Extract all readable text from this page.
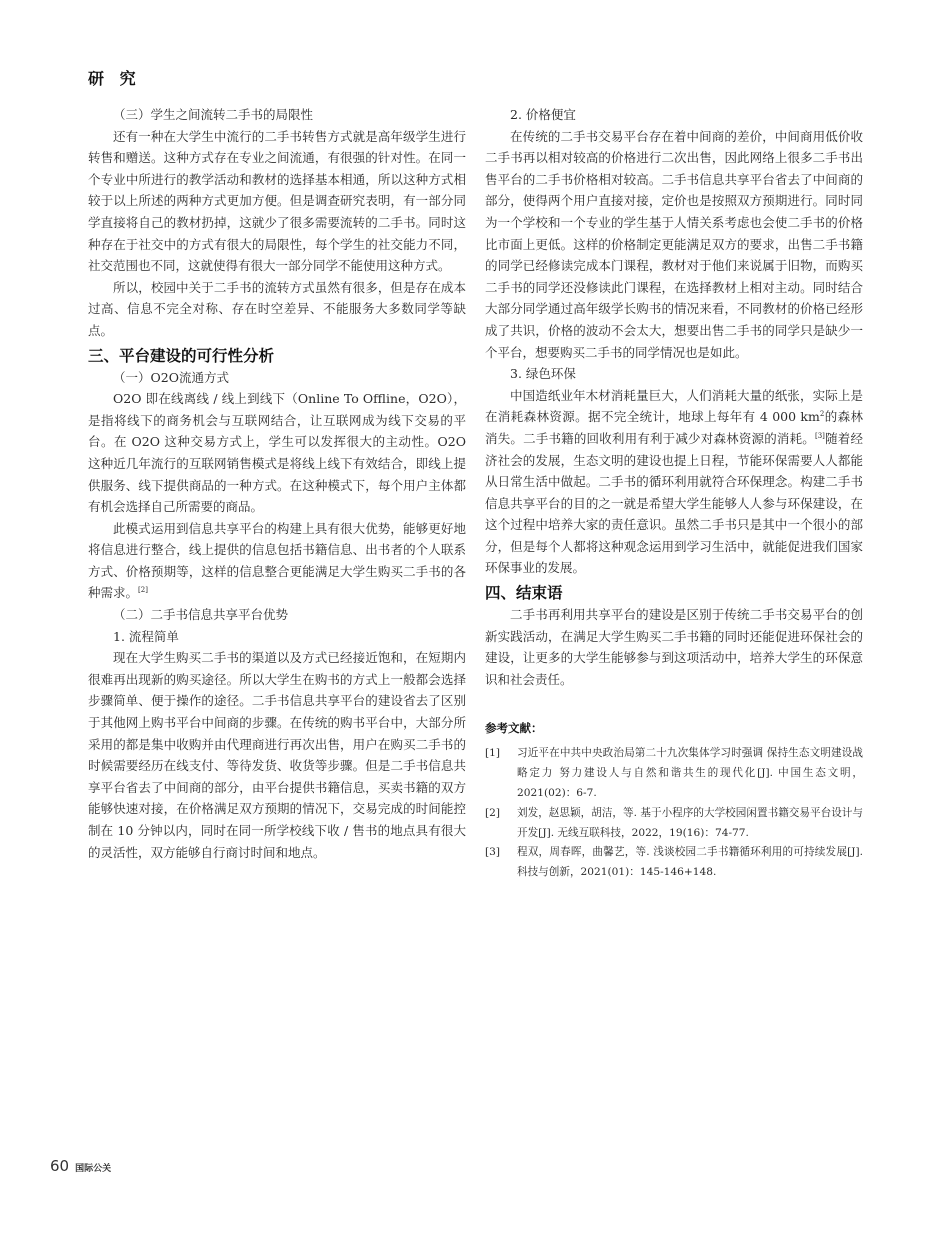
研 究

（三）学生之间流转二手书的局限性

还有一种在大学生中流行的二手书转售方式就是高年级学生进行转售和赠送。这种方式存在专业之间流通，有很强的针对性。在同一个专业中所进行的教学活动和教材的选择基本相通，所以这种方式相较于以上所述的两种方式更加方便。但是调查研究表明，有一部分同学直接将自己的教材扔掉，这就少了很多需要流转的二手书。同时这种存在于社交中的方式有很大的局限性，每个学生的社交能力不同，社交范围也不同，这就使得有很大一部分同学不能使用这种方式。

所以，校园中关于二手书的流转方式虽然有很多，但是存在成本过高、信息不完全对称、存在时空差异、不能服务大多数同学等缺点。

三、平台建设的可行性分析

（一）O2O流通方式

O2O 即在线离线 / 线上到线下（Online To Offline，O2O），是指将线下的商务机会与互联网结合，让互联网成为线下交易的平台。在 O2O 这种交易方式上，学生可以发挥很大的主动性。O2O 这种近几年流行的互联网销售模式是将线上线下有效结合，即线上提供服务、线下提供商品的一种方式。在这种模式下，每个用户主体都有机会选择自己所需要的商品。

此模式运用到信息共享平台的构建上具有很大优势，能够更好地将信息进行整合，线上提供的信息包括书籍信息、出书者的个人联系方式、价格预期等，这样的信息整合更能满足大学生购买二手书的各种需求。[2]

（二）二手书信息共享平台优势

1. 流程简单

现在大学生购买二手书的渠道以及方式已经接近饱和，在短期内很难再出现新的购买途径。所以大学生在购书的方式上一般都会选择步骤简单、便于操作的途径。二手书信息共享平台的建设省去了区别于其他网上购书平台中间商的步骤。在传统的购书平台中，大部分所采用的都是集中收购并由代理商进行再次出售，用户在购买二手书的时候需要经历在线支付、等待发货、收货等步骤。但是二手书信息共享平台省去了中间商的部分，由平台提供书籍信息，买卖书籍的双方能够快速对接，在价格满足双方预期的情况下，交易完成的时间能控制在 10 分钟以内，同时在同一所学校线下收 / 售书的地点具有很大的灵活性，双方能够自行商讨时间和地点。

2. 价格便宜

在传统的二手书交易平台存在着中间商的差价，中间商用低价收二手书再以相对较高的价格进行二次出售，因此网络上很多二手书出售平台的二手书价格相对较高。二手书信息共享平台省去了中间商的部分，使得两个用户直接对接，定价也是按照双方预期进行。同时同为一个学校和一个专业的学生基于人情关系考虑也会使二手书的价格比市面上更低。这样的价格制定更能满足双方的要求，出售二手书籍的同学已经修读完成本门课程，教材对于他们来说属于旧物，而购买二手书的同学还没修读此门课程，在选择教材上相对主动。同时结合大部分同学通过高年级学长购书的情况来看，不同教材的价格已经形成了共识，价格的波动不会太大，想要出售二手书的同学只是缺少一个平台，想要购买二手书的同学情况也是如此。

3. 绿色环保

中国造纸业年木材消耗量巨大，人们消耗大量的纸张，实际上是在消耗森林资源。据不完全统计，地球上每年有 4 000 $km^2$的森林消失。二手书籍的回收利用有利于减少对森林资源的消耗。[3]随着经济社会的发展，生态文明的建设也提上日程，节能环保需要人人都能从日常生活中做起。二手书的循环利用就符合环保理念。构建二手书信息共享平台的目的之一就是希望大学生能够人人参与环保建设，在这个过程中培养大家的责任意识。虽然二手书只是其中一个很小的部分，但是每个人都将这种观念运用到学习生活中，就能促进我们国家环保事业的发展。

四、结束语

二手书再利用共享平台的建设是区别于传统二手书交易平台的创新实践活动，在满足大学生购买二手书籍的同时还能促进环保社会的建设，让更多的大学生能够参与到这项活动中，培养大学生的环保意识和社会责任。

参考文献：

[1]	习近平在中共中央政治局第二十九次集体学习时强调 保持生态文明建设战略定力 努力建设人与自然和谐共生的现代化[J]. 中国生态文明，2021(02)：6-7.
[2]	刘发，赵思颖，胡洁，等. 基于小程序的大学校园闲置书籍交易平台设计与开发[J]. 无线互联科技，2022，19(16)：74-77.
[3]	程双，周春晖，曲馨艺，等. 浅谈校园二手书籍循环利用的可持续发展[J]. 科技与创新，2021(01)：145-146+148.
60 国际公关
